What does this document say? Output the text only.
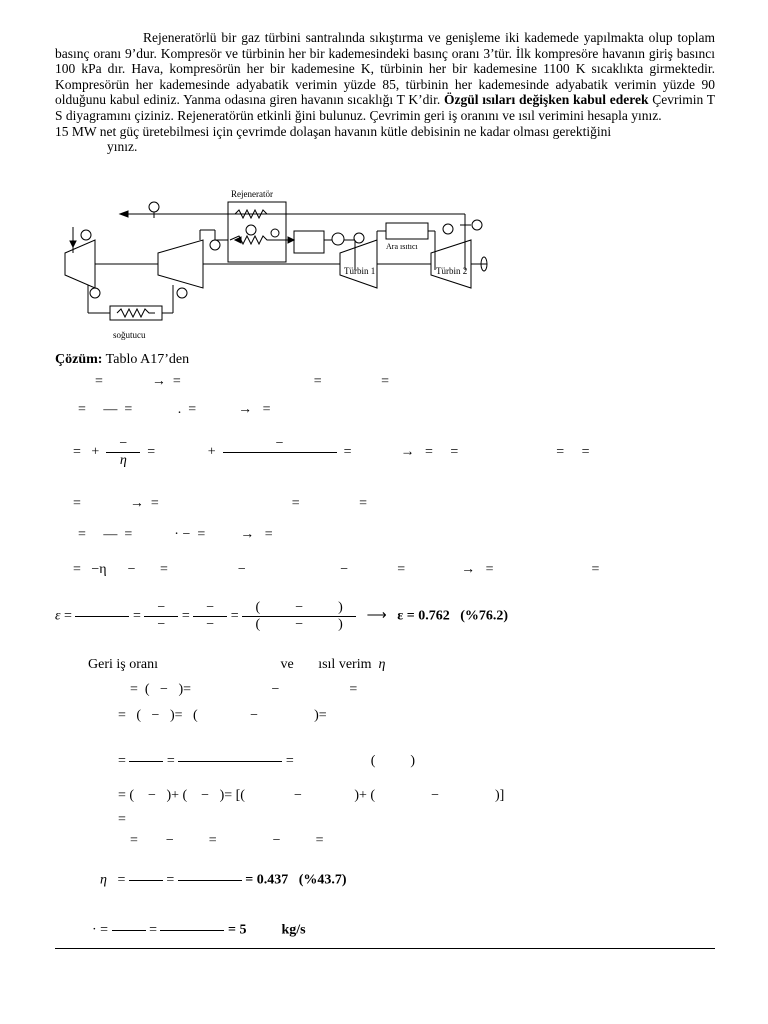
Rejeneratörlü bir gaz türbini santralında sıkıştırma ve genişleme iki kademede yapılmakta olup toplam basınç oranı 9’dur. Kompresör ve türbinin her bir kademesindeki basınç oranı 3’tür. İlk kompresöre havanın giriş basıncı 100 kPa dır. Hava, kompresörün her bir kademesine K, türbinin her bir kademesine 1100 K sıcaklıkta girmektedir. Kompresörün her kademesinde adyabatik verimin yüzde 85, türbinin her kademesinde adyabatik verimin yüzde 90 olduğunu kabul ediniz. Yanma odasına giren havanın sıcaklığı T K’dir. Özgül ısıları değişken kabul ederek Çevrimin T S diyagramını çiziniz. Rejeneratörün etkinli ğini bulunuz. Çevrimin geri iş oranını ve ısıl verimini hesapla yınız.

15 MW net güç üretebilmesi için çevrimde dolaşan havanın kütle debisinin ne kadar olması gerektiğini

yınız.

Rejeneratör
Ara ısıtıcı
Türbin 1	Türbin 2
soğutucu
Çözüm: Tablo A17’den
=              →  =                                      =                 =
=     —  =             .  =            →   =
=   + $\frac{-}{\eta}$ =               +
−

=              →   =     =                            =     =
=              →  =                                      =                 =
=     —  =            · −  =          →   =
=   −η      −       =                    −                           −              =                →   =                            =
ε =

	= $\frac{-}{-} = \frac{-}{-} = \frac{( - )}{( - )}$ ⟶   ε = 0.762   (%76.2)
Geri iş oranı	ve ısıl verim η
=  (   −   )=                       −                    =
=   (   −   )=   (               −                )=
=

=

	=                      (          )
= (    −   )+ (    −   )= [(              −               )+ (                −                )]
=
=        −          =                −          =
η   =

=

	= 0.437 (%43.7)
· =

=

	= 5	kg/s
